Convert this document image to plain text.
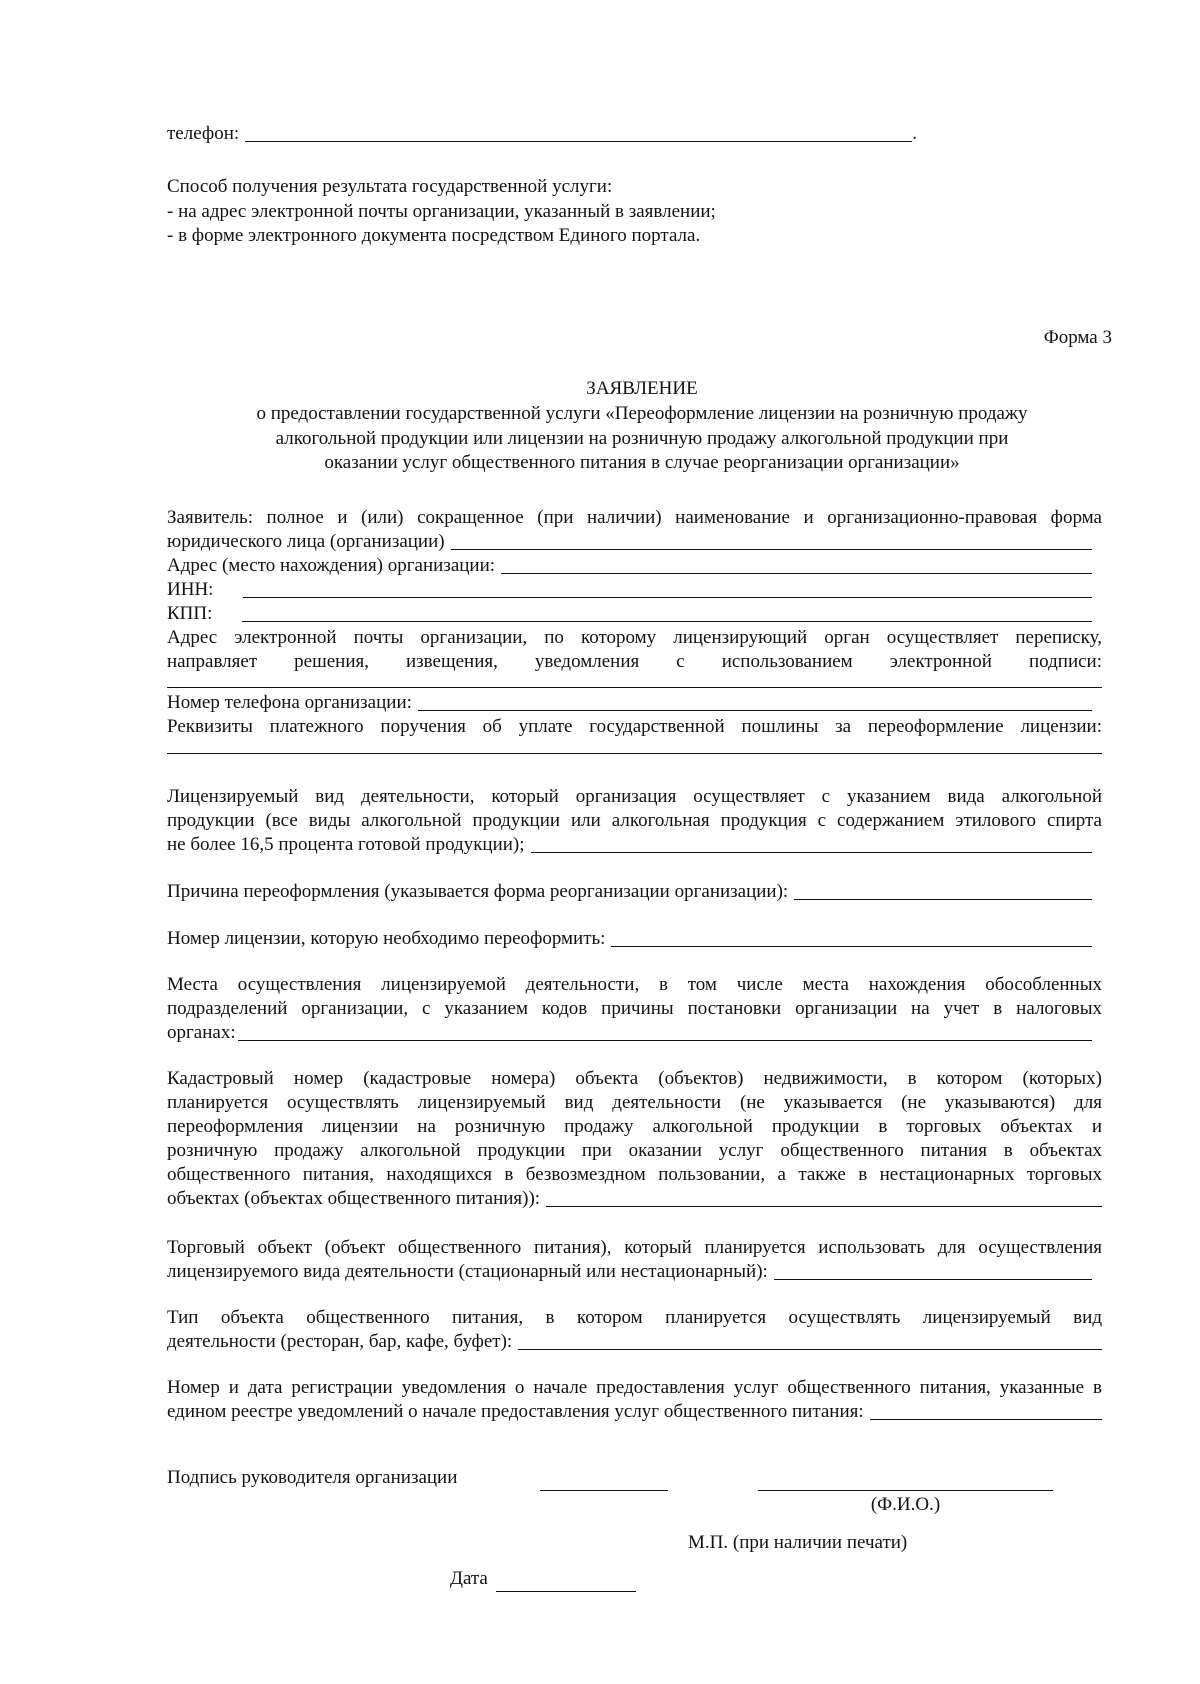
телефон:	.
Способ получения результата государственной услуги:
- на адрес электронной почты организации, указанный в заявлении;
- в форме электронного документа посредством Единого портала.
Форма 3
ЗАЯВЛЕНИЕ
о предоставлении государственной услуги «Переоформление лицензии на розничную продажу
алкогольной продукции или лицензии на розничную продажу алкогольной продукции при
оказании услуг общественного питания в случае реорганизации организации»
Заявитель: полное и (или) сокращенное (при наличии) наименование и организационно-правовая форма
юридического лица (организации)
Адрес (место нахождения) организации:
ИНН:
КПП:
Адрес электронной почты организации, по которому лицензирующий орган осуществляет переписку,
направляет решения, извещения, уведомления с использованием электронной подписи:
Номер телефона организации:
Реквизиты платежного поручения об уплате государственной пошлины за переоформление лицензии:
Лицензируемый вид деятельности, который организация осуществляет с указанием вида алкогольной
продукции (все виды алкогольной продукции или алкогольная продукция с содержанием этилового спирта
не более 16,5 процента готовой продукции);
Причина переоформления (указывается форма реорганизации организации):
Номер лицензии, которую необходимо переоформить:
Места осуществления лицензируемой деятельности, в том числе места нахождения обособленных
подразделений организации, с указанием кодов причины постановки организации на учет в налоговых
органах:
Кадастровый номер (кадастровые номера) объекта (объектов) недвижимости, в котором (которых)
планируется осуществлять лицензируемый вид деятельности (не указывается (не указываются) для
переоформления лицензии на розничную продажу алкогольной продукции в торговых объектах и
розничную продажу алкогольной продукции при оказании услуг общественного питания в объектах
общественного питания, находящихся в безвозмездном пользовании, а также в нестационарных торговых
объектах (объектах общественного питания)):
Торговый объект (объект общественного питания), который планируется использовать для осуществления
лицензируемого вида деятельности (стационарный или нестационарный):
Тип объекта общественного питания, в котором планируется осуществлять лицензируемый вид
деятельности (ресторан, бар, кафе, буфет):
Номер и дата регистрации уведомления о начале предоставления услуг общественного питания, указанные в
едином реестре уведомлений о начале предоставления услуг общественного питания:
Подпись руководителя организации
(Ф.И.О.)
М.П. (при наличии печати)
Дата
